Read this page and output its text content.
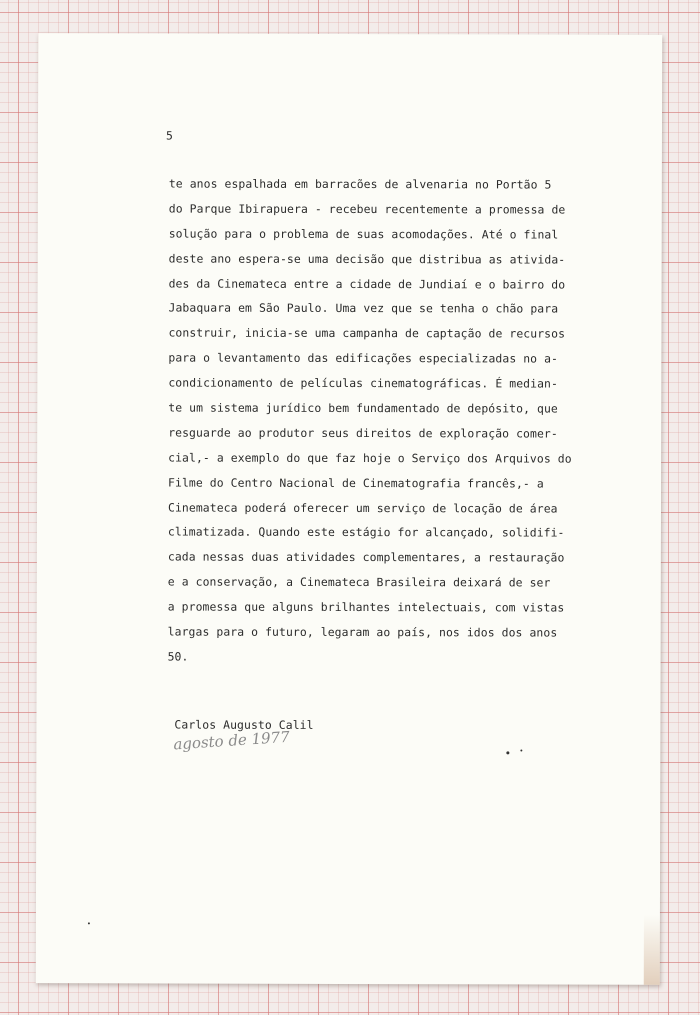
5
te anos espalhada em barracões de alvenaria no Portão 5
do Parque Ibirapuera - recebeu recentemente a promessa de
solução para o problema de suas acomodações. Até o final
deste ano espera-se uma decisão que distribua as ativida-
des da Cinemateca entre a cidade de Jundiaí e o bairro do
Jabaquara em São Paulo. Uma vez que se tenha o chão para
construir, inicia-se uma campanha de captação de recursos
para o levantamento das edificações especializadas no a-
condicionamento de películas cinematográficas. É median-
te um sistema jurídico bem fundamentado de depósito, que
resguarde ao produtor seus direitos de exploração comer-
cial,- a exemplo do que faz hoje o Serviço dos Arquivos do
Filme do Centro Nacional de Cinematografia francês,- a
Cinemateca poderá oferecer um serviço de locação de área
climatizada. Quando este estágio for alcançado, solidifi-
cada nessas duas atividades complementares, a restauração
e a conservação, a Cinemateca Brasileira deixará de ser
a promessa que alguns brilhantes intelectuais, com vistas
largas para o futuro, legaram ao país, nos idos dos anos
50.
Carlos Augusto Calil
agosto de 1977
